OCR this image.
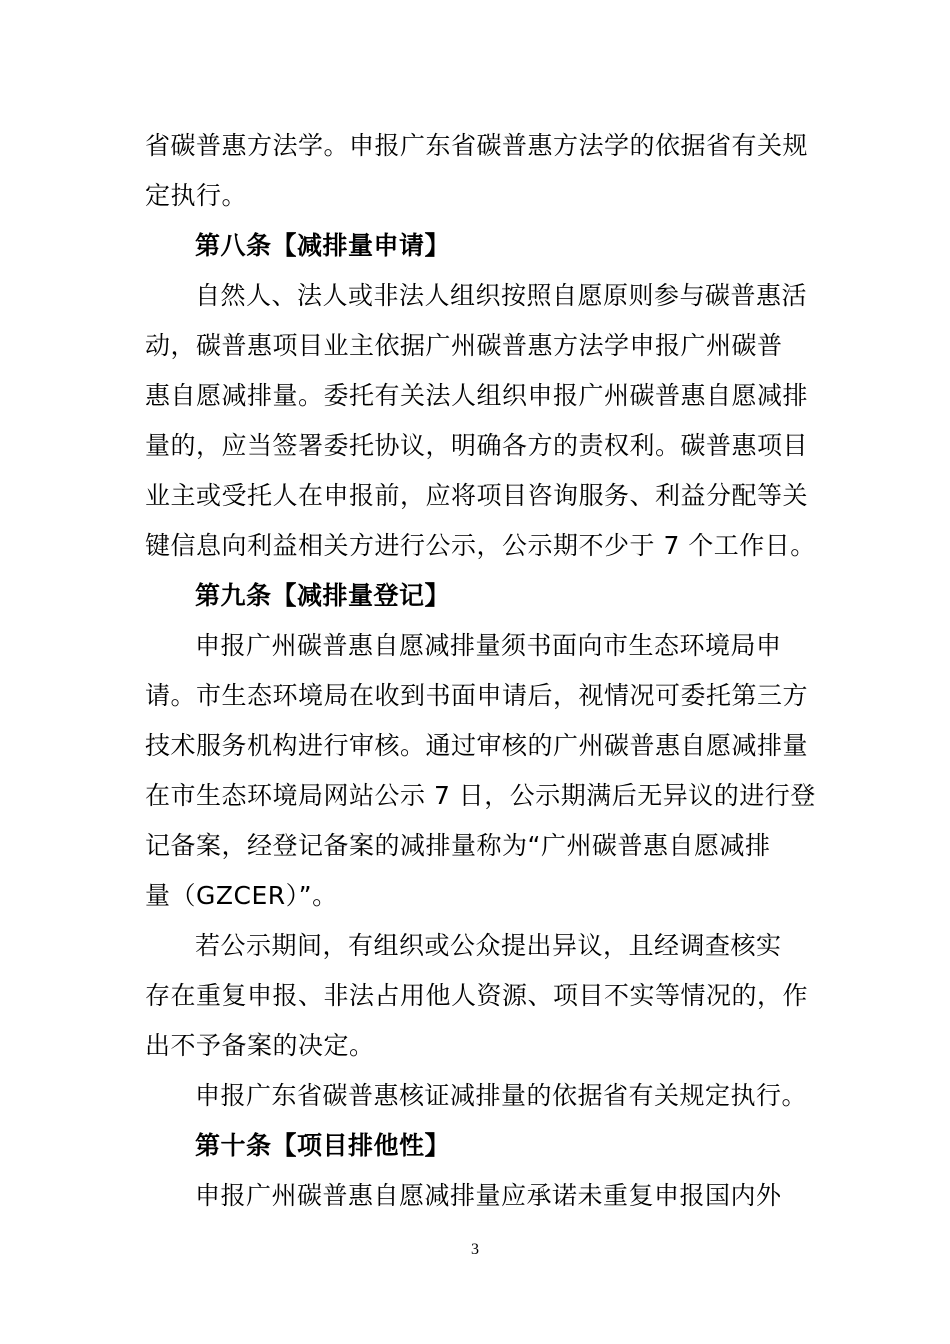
省碳普惠方法学。申报广东省碳普惠方法学的依据省有关规
定执行。
第八条【减排量申请】
自然人、法人或非法人组织按照自愿原则参与碳普惠活
动，碳普惠项目业主依据广州碳普惠方法学申报广州碳普
惠自愿减排量。委托有关法人组织申报广州碳普惠自愿减排
量的，应当签署委托协议，明确各方的责权利。碳普惠项目
业主或受托人在申报前，应将项目咨询服务、利益分配等关
键信息向利益相关方进行公示，公示期不少于 7 个工作日。
第九条【减排量登记】
申报广州碳普惠自愿减排量须书面向市生态环境局申
请。市生态环境局在收到书面申请后，视情况可委托第三方
技术服务机构进行审核。通过审核的广州碳普惠自愿减排量
在市生态环境局网站公示 7 日，公示期满后无异议的进行登
记备案，经登记备案的减排量称为“广州碳普惠自愿减排
量（GZCER）”。
若公示期间，有组织或公众提出异议，且经调查核实
存在重复申报、非法占用他人资源、项目不实等情况的，作
出不予备案的决定。
申报广东省碳普惠核证减排量的依据省有关规定执行。
第十条【项目排他性】
申报广州碳普惠自愿减排量应承诺未重复申报国内外
3
